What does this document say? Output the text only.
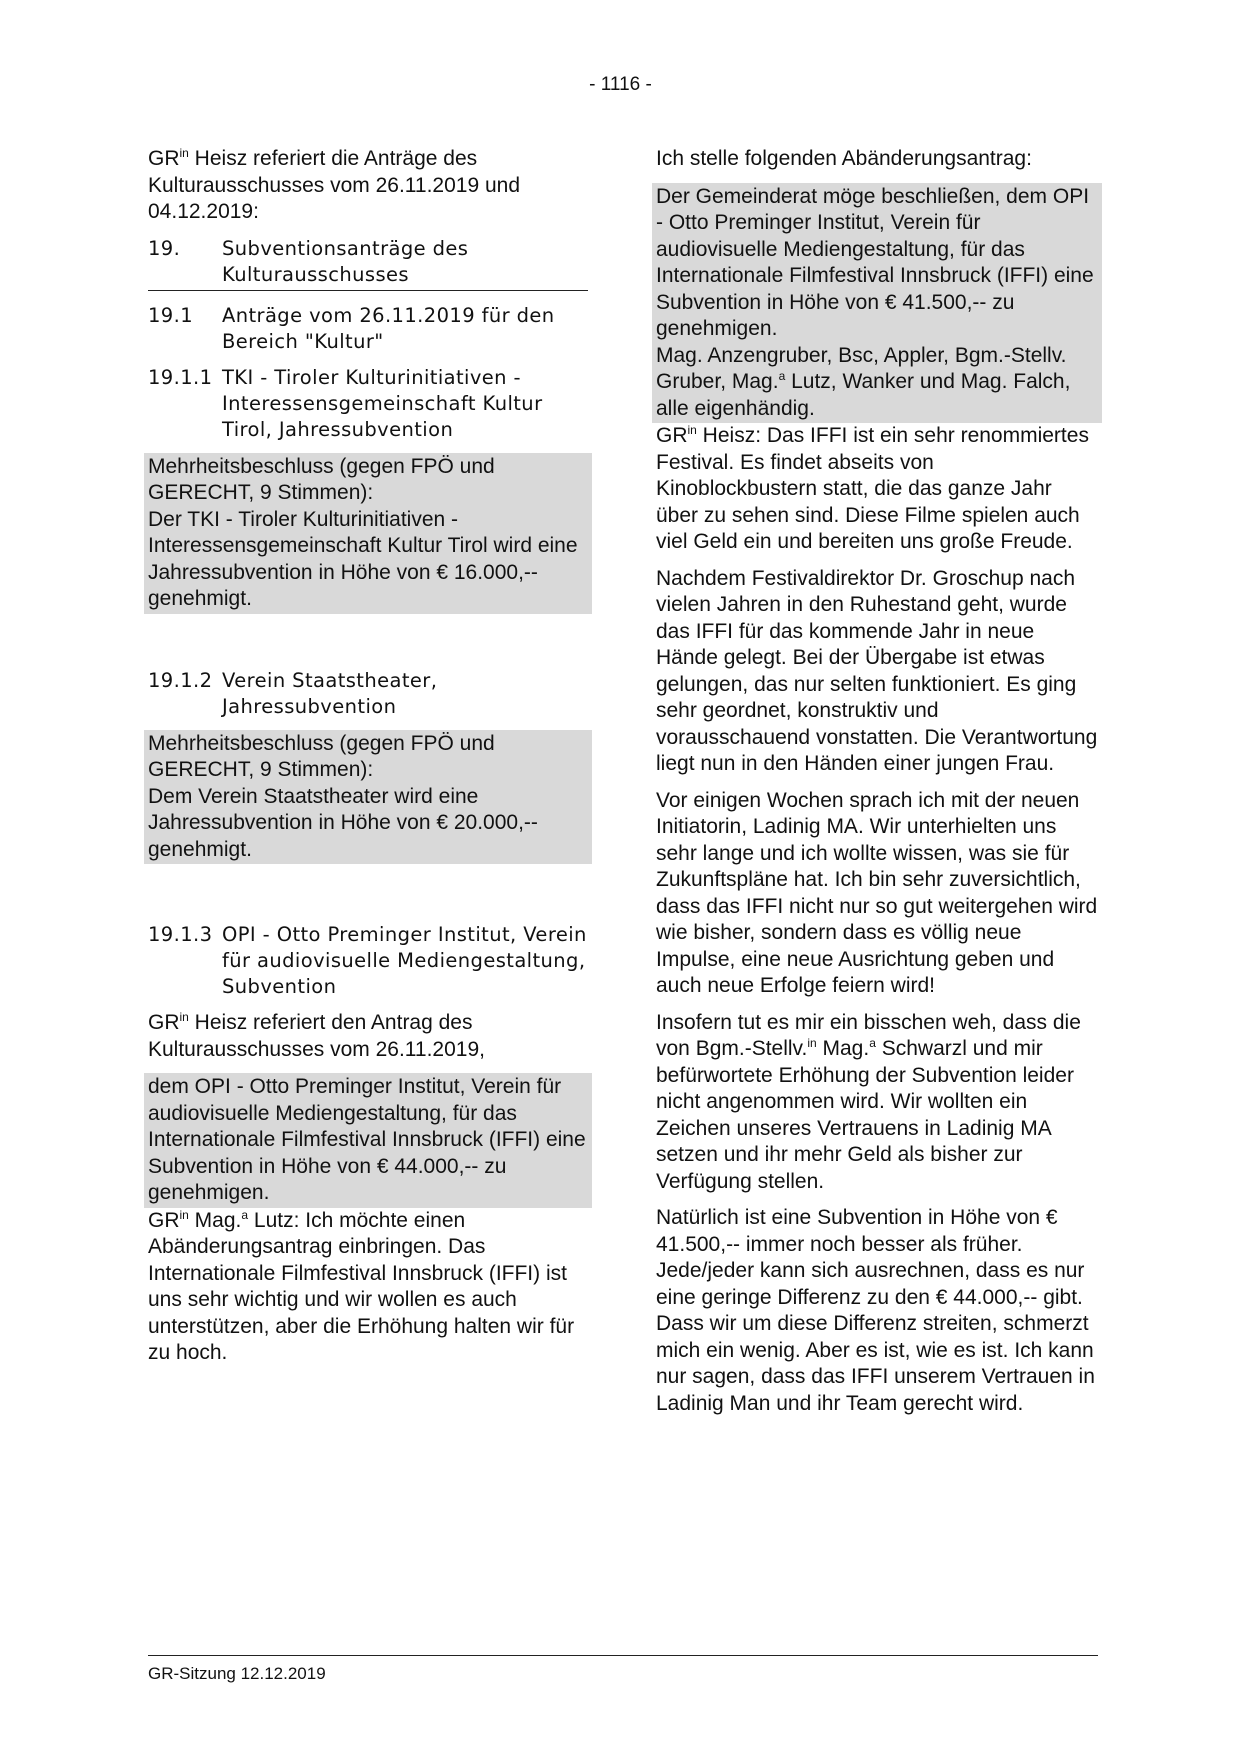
- 1116 -

$GR^{in}$ Heisz referiert die Anträge des Kulturausschusses vom 26.11.2019 und 04.12.2019:

19.	Subventionsanträge des Kulturausschusses
19.1	Anträge vom 26.11.2019 für den Bereich "Kultur"
19.1.1 TKI - Tiroler Kulturinitiativen - Interessensgemeinschaft Kultur Tirol, Jahressubvention

Mehrheitsbeschluss (gegen FPÖ und GERECHT, 9 Stimmen):

Der TKI - Tiroler Kulturinitiativen - Interessensgemeinschaft Kultur Tirol wird eine Jahressubvention in Höhe von € 16.000,-- genehmigt.

19.1.2 Verein Staatstheater, Jahressubvention

Mehrheitsbeschluss (gegen FPÖ und GERECHT, 9 Stimmen):

Dem Verein Staatstheater wird eine Jahressubvention in Höhe von € 20.000,-- genehmigt.

19.1.3 OPI - Otto Preminger Institut, Verein für audiovisuelle Mediengestaltung, Subvention

$GR^{in}$ Heisz referiert den Antrag des Kulturausschusses vom 26.11.2019,

dem OPI - Otto Preminger Institut, Verein für audiovisuelle Mediengestaltung, für das Internationale Filmfestival Innsbruck (IFFI) eine Subvention in Höhe von € 44.000,-- zu genehmigen.

$GR^{in}$ Mag.$^a$ Lutz: Ich möchte einen Abänderungsantrag einbringen. Das Internationale Filmfestival Innsbruck (IFFI) ist uns sehr wichtig und wir wollen es auch unterstützen, aber die Erhöhung halten wir für zu hoch.

Ich stelle folgenden Abänderungsantrag:

Der Gemeinderat möge beschließen, dem OPI - Otto Preminger Institut, Verein für audiovisuelle Mediengestaltung, für das Internationale Filmfestival Innsbruck (IFFI) eine Subvention in Höhe von € 41.500,-- zu genehmigen.

Mag. Anzengruber, Bsc, Appler, Bgm.-Stellv. Gruber, Mag.$^a$ Lutz, Wanker und Mag. Falch, alle eigenhändig.

$GR^{in}$ Heisz: Das IFFI ist ein sehr renommiertes Festival. Es findet abseits von Kinoblockbustern statt, die das ganze Jahr über zu sehen sind. Diese Filme spielen auch viel Geld ein und bereiten uns große Freude.

Nachdem Festivaldirektor Dr. Groschup nach vielen Jahren in den Ruhestand geht, wurde das IFFI für das kommende Jahr in neue Hände gelegt. Bei der Übergabe ist etwas gelungen, das nur selten funktioniert. Es ging sehr geordnet, konstruktiv und vorausschauend vonstatten. Die Verantwortung liegt nun in den Händen einer jungen Frau.

Vor einigen Wochen sprach ich mit der neuen Initiatorin, Ladinig MA. Wir unterhielten uns sehr lange und ich wollte wissen, was sie für Zukunftspläne hat. Ich bin sehr zuversichtlich, dass das IFFI nicht nur so gut weitergehen wird wie bisher, sondern dass es völlig neue Impulse, eine neue Ausrichtung geben und auch neue Erfolge feiern wird!

Insofern tut es mir ein bisschen weh, dass die von Bgm.-Stellv.$^{in}$ Mag.$^a$ Schwarzl und mir befürwortete Erhöhung der Subvention leider nicht angenommen wird. Wir wollten ein Zeichen unseres Vertrauens in Ladinig MA setzen und ihr mehr Geld als bisher zur Verfügung stellen.

Natürlich ist eine Subvention in Höhe von € 41.500,-- immer noch besser als früher. Jede/jeder kann sich ausrechnen, dass es nur eine geringe Differenz zu den € 44.000,-- gibt. Dass wir um diese Differenz streiten, schmerzt mich ein wenig. Aber es ist, wie es ist. Ich kann nur sagen, dass das IFFI unserem Vertrauen in Ladinig Man und ihr Team gerecht wird.

GR-Sitzung 12.12.2019
